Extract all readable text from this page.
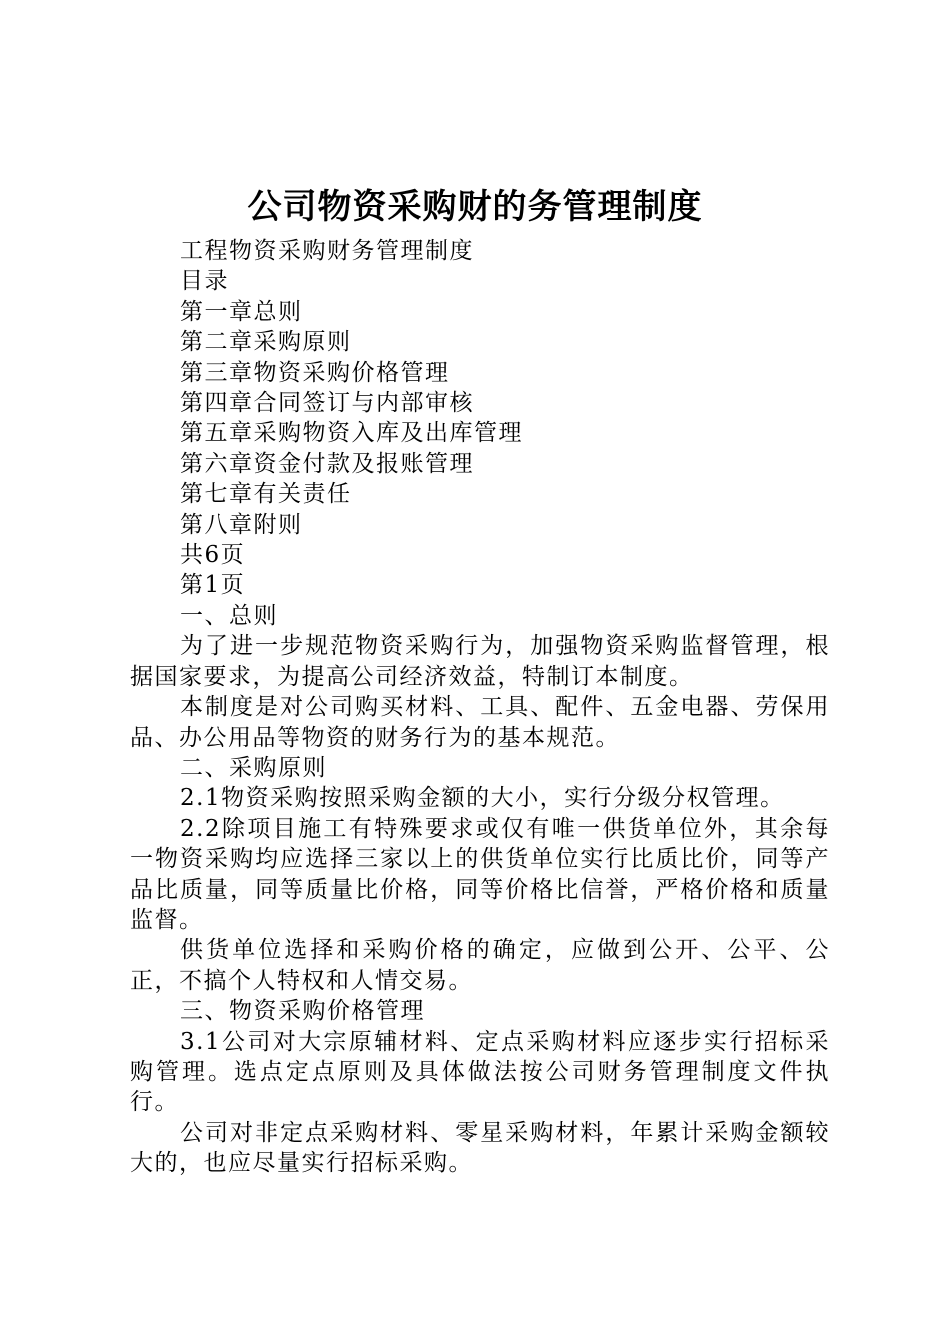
公司物资采购财的务管理制度

工程物资采购财务管理制度

目录

第一章总则

第二章采购原则

第三章物资采购价格管理

第四章合同签订与内部审核

第五章采购物资入库及出库管理

第六章资金付款及报账管理

第七章有关责任

第八章附则

共6页

第1页

一、总则

为了进一步规范物资采购行为，加强物资采购监督管理，根据国家要求，为提高公司经济效益，特制订本制度。

本制度是对公司购买材料、工具、配件、五金电器、劳保用品、办公用品等物资的财务行为的基本规范。

二、采购原则

2.1物资采购按照采购金额的大小，实行分级分权管理。

2.2除项目施工有特殊要求或仅有唯一供货单位外，其余每一物资采购均应选择三家以上的供货单位实行比质比价，同等产品比质量，同等质量比价格，同等价格比信誉，严格价格和质量监督。

供货单位选择和采购价格的确定，应做到公开、公平、公正，不搞个人特权和人情交易。

三、物资采购价格管理

3.1公司对大宗原辅材料、定点采购材料应逐步实行招标采购管理。选点定点原则及具体做法按公司财务管理制度文件执行。

公司对非定点采购材料、零星采购材料，年累计采购金额较大的，也应尽量实行招标采购。
